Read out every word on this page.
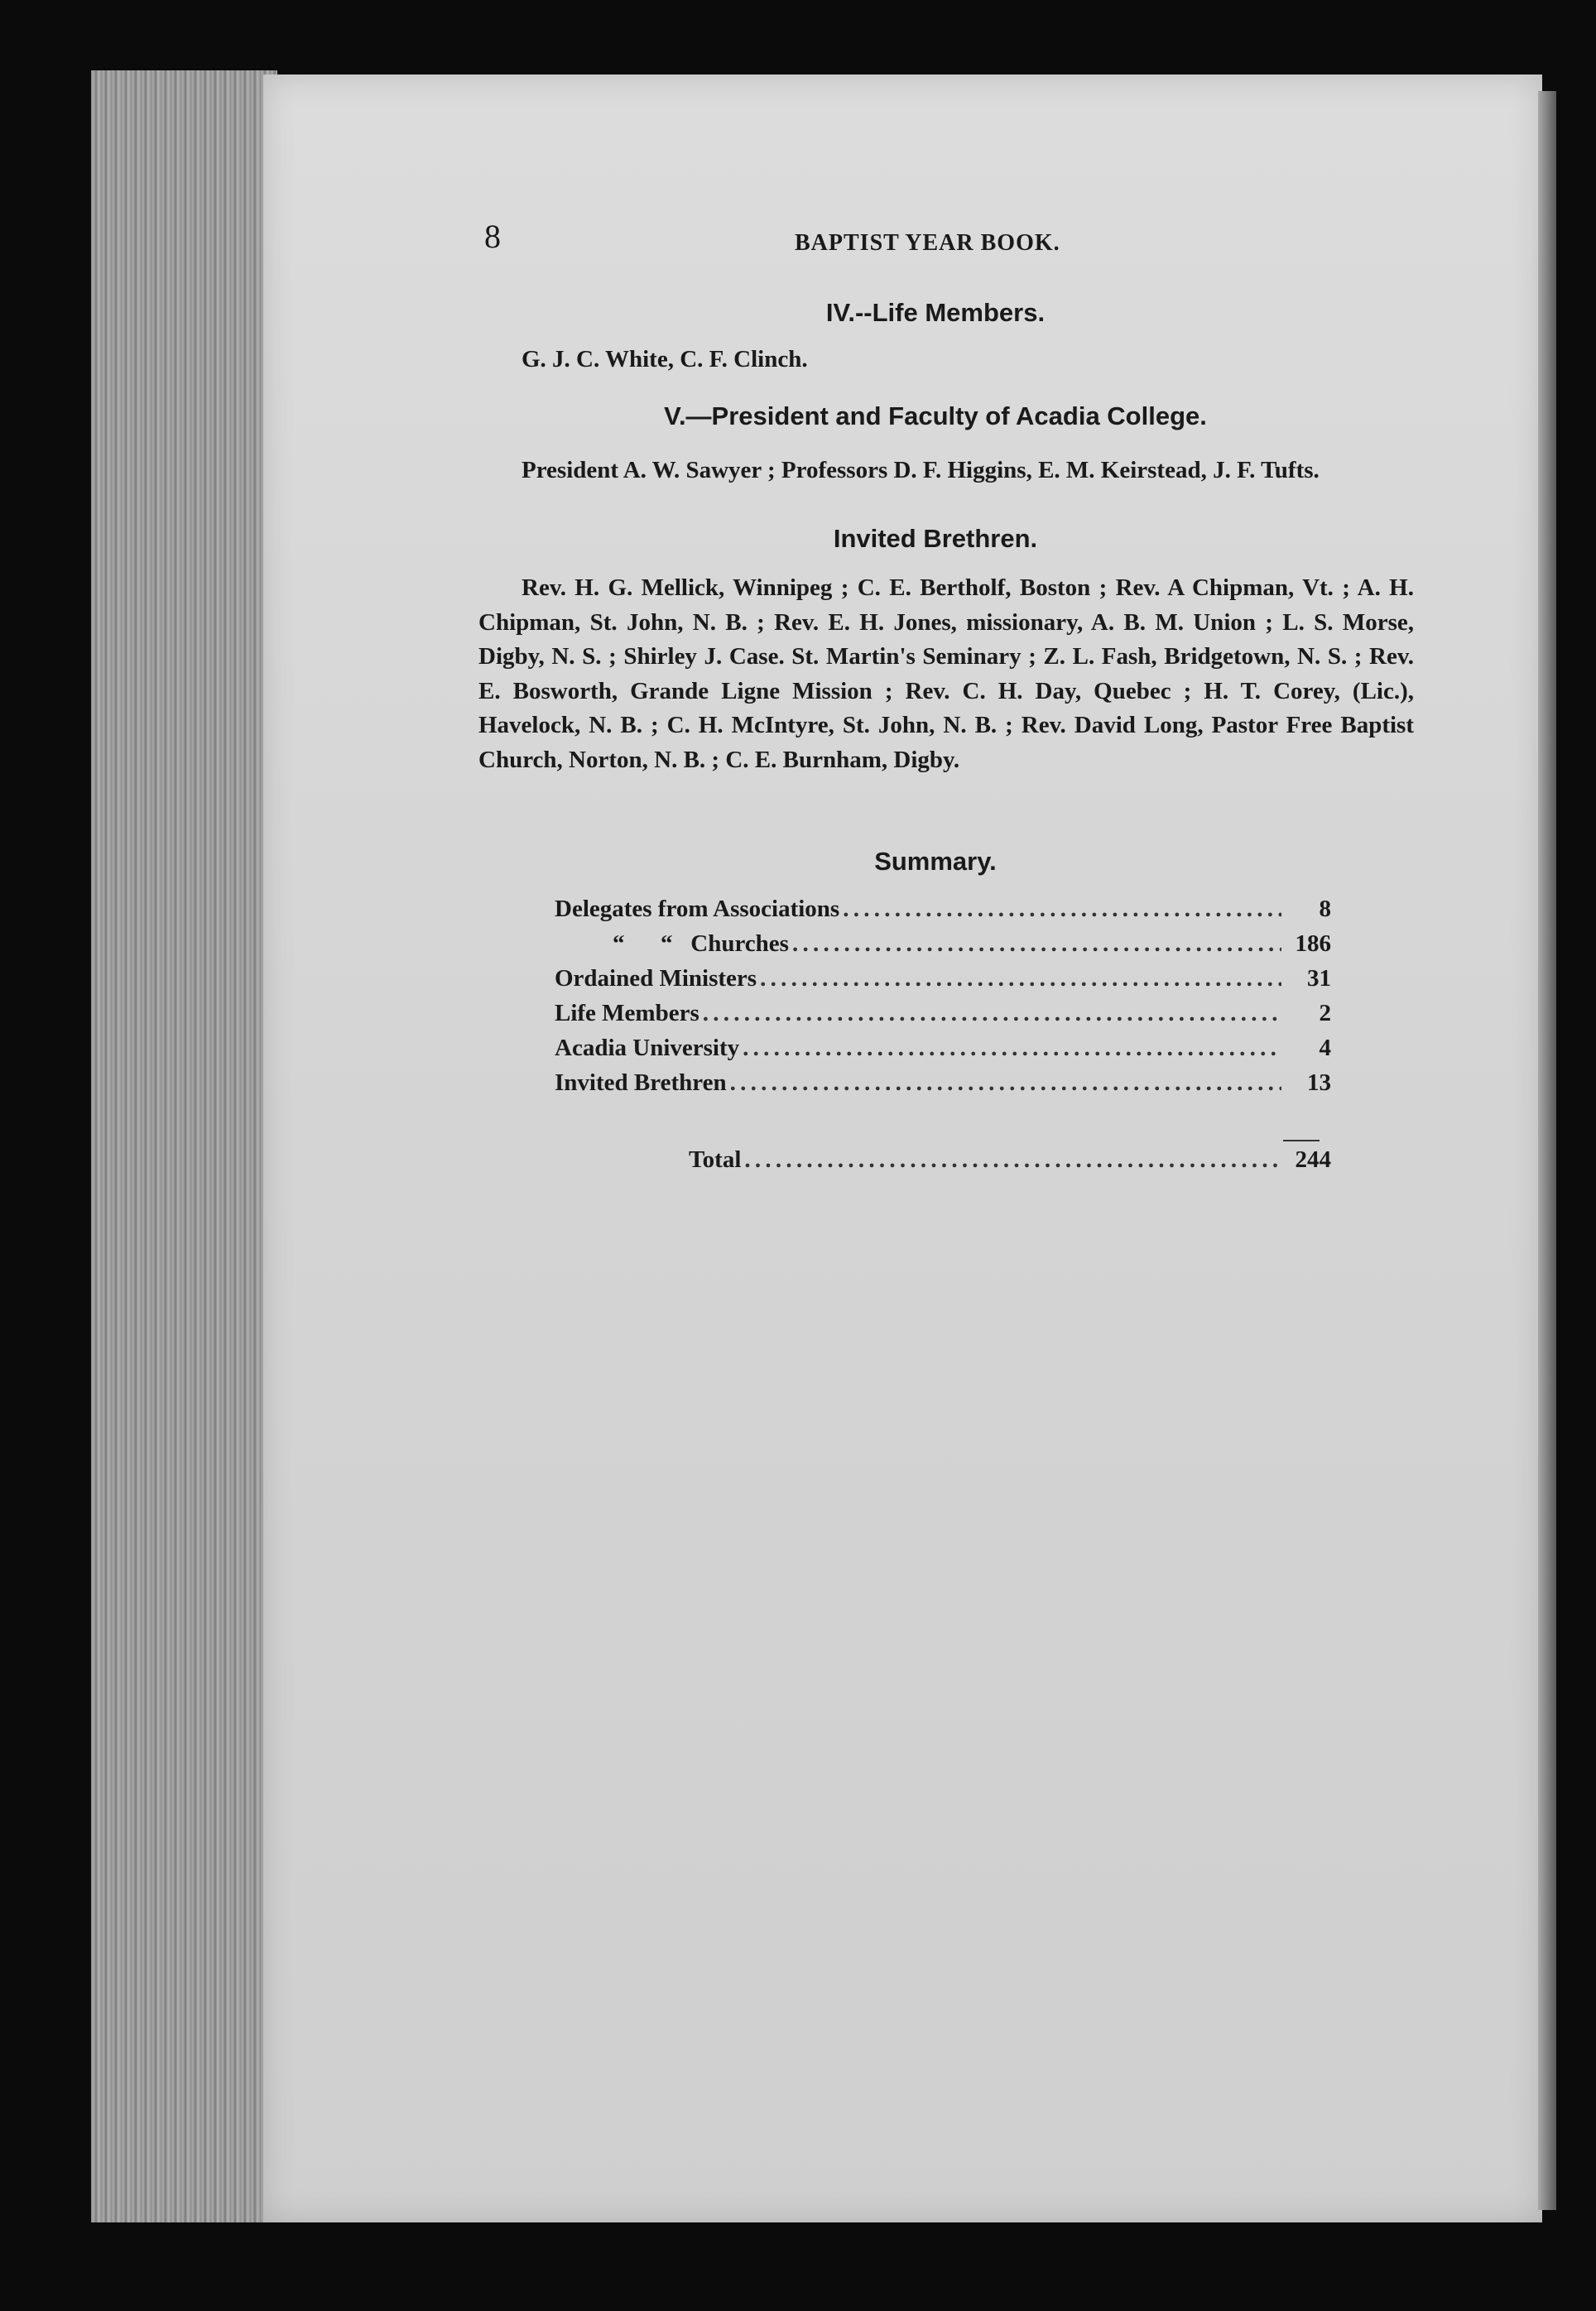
8	BAPTIST YEAR BOOK.
IV.--Life Members.
G. J. C. White, C. F. Clinch.
V.—President and Faculty of Acadia College.
President A. W. Sawyer ; Professors D. F. Higgins, E. M. Keirstead, J. F. Tufts.
Invited Brethren.
Rev. H. G. Mellick, Winnipeg ; C. E. Bertholf, Boston ; Rev. A Chipman, Vt. ; A. H. Chipman, St. John, N. B. ; Rev. E. H. Jones, missionary, A. B. M. Union ; L. S. Morse, Digby, N. S. ; Shirley J. Case. St. Martin's Seminary ; Z. L. Fash, Bridgetown, N. S. ; Rev. E. Bosworth, Grande Ligne Mission ; Rev. C. H. Day, Quebec ; H. T. Corey, (Lic.), Havelock, N. B. ; C. H. McIntyre, St. John, N. B. ; Rev. David Long, Pastor Free Baptist Church, Norton, N. B. ; C. E. Burnham, Digby.
Summary.
Delegates from Associations . . .	8
“      “   Churches . . .	186
Ordained Ministers . . .	31
Life Members . . .	2
Acadia University . . .	4
Invited Brethren . . .	13
Total . . .	244
